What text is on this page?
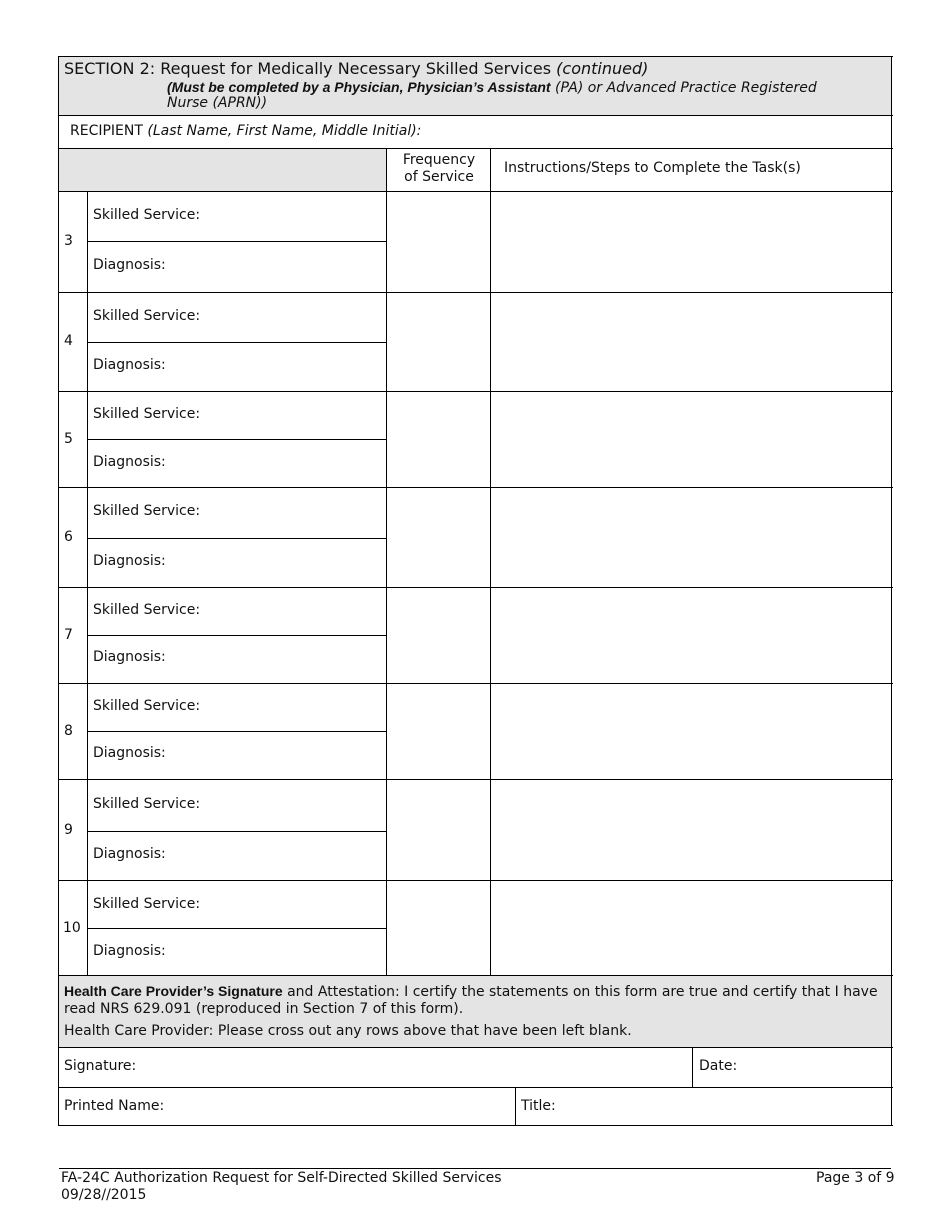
SECTION 2: Request for Medically Necessary Skilled Services (continued)
(Must be completed by a Physician, Physician’s Assistant (PA) or Advanced Practice Registered
Nurse (APRN))
RECIPIENT (Last Name, First Name, Middle Initial):
Frequency
of Service
Instructions/Steps to Complete the Task(s)
3
Skilled Service:
Diagnosis:
4
Skilled Service:
Diagnosis:
5
Skilled Service:
Diagnosis:
6
Skilled Service:
Diagnosis:
7
Skilled Service:
Diagnosis:
8
Skilled Service:
Diagnosis:
9
Skilled Service:
Diagnosis:
10
Skilled Service:
Diagnosis:
Health Care Provider’s Signature and Attestation: I certify the statements on this form are true and certify that I have
read NRS 629.091 (reproduced in Section 7 of this form).
Health Care Provider: Please cross out any rows above that have been left blank.
Signature:	Date:
Printed Name:	Title:
FA-24C Authorization Request for Self-Directed Skilled Services
09/28//2015
Page 3 of 9
